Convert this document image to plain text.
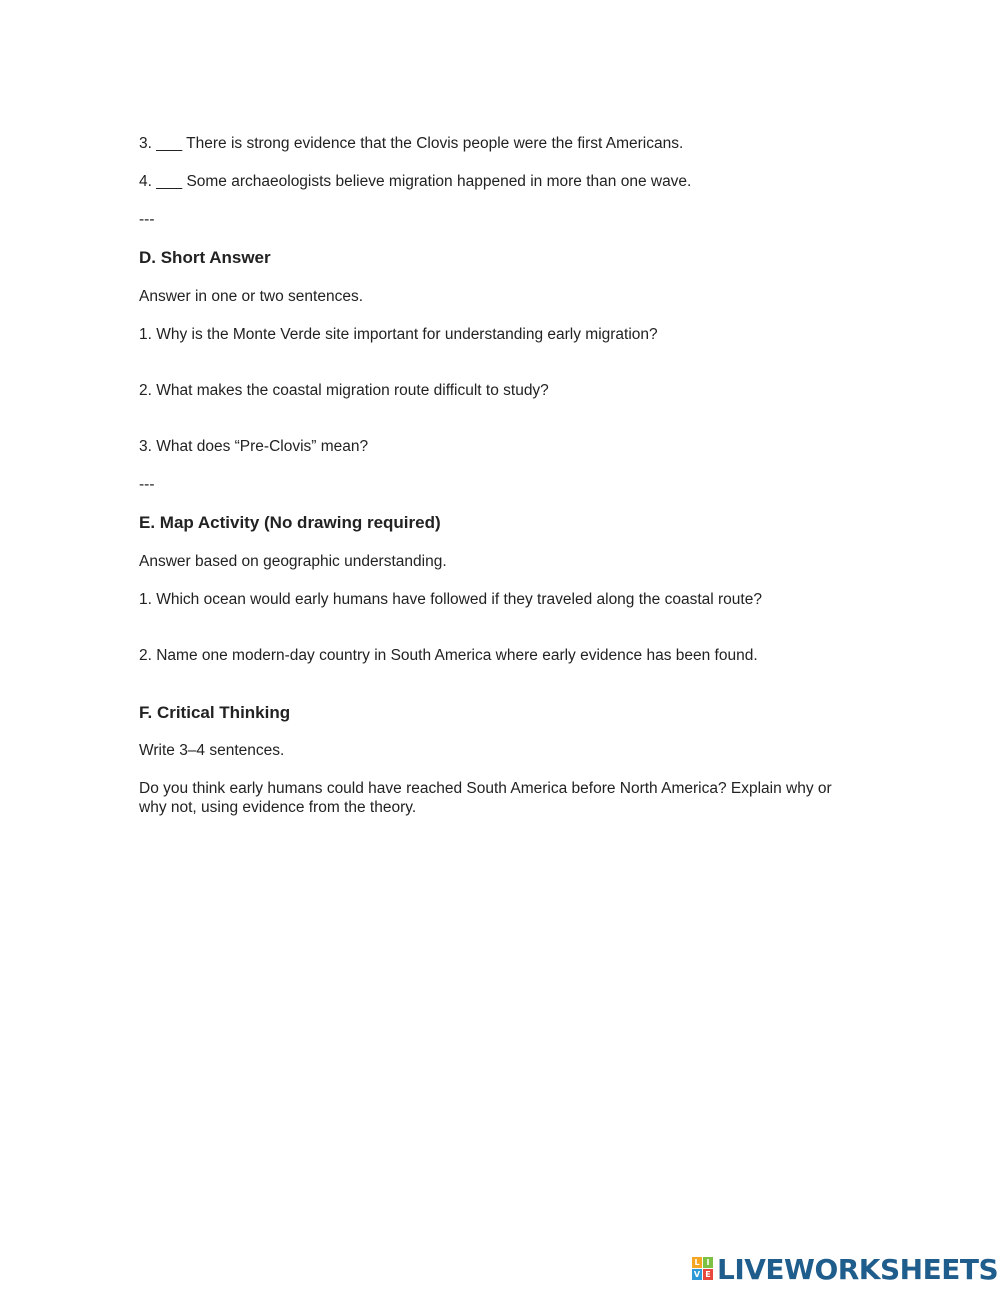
3. ___ There is strong evidence that the Clovis people were the first Americans.

4. ___ Some archaeologists believe migration happened in more than one wave.

---

D. Short Answer

Answer in one or two sentences.

1. Why is the Monte Verde site important for understanding early migration?

2. What makes the coastal migration route difficult to study?

3. What does “Pre-Clovis” mean?

---

E. Map Activity (No drawing required)

Answer based on geographic understanding.

1. Which ocean would early humans have followed if they traveled along the coastal route?

2. Name one modern-day country in South America where early evidence has been found.

F. Critical Thinking

Write 3–4 sentences.

Do you think early humans could have reached South America before North America? Explain why or why not, using evidence from the theory.

L I
V E LIVEWORKSHEETS
